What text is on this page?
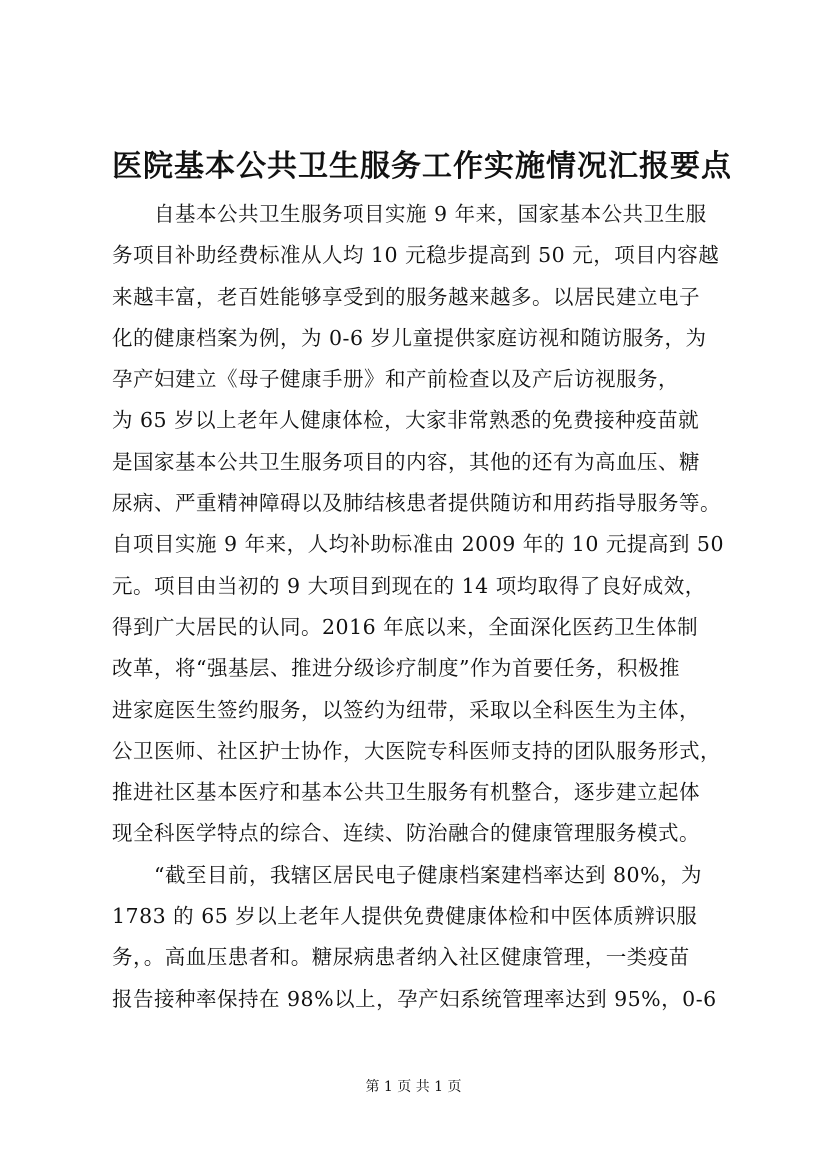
医院基本公共卫生服务工作实施情况汇报要点
自基本公共卫生服务项目实施 9 年来，国家基本公共卫生服
务项目补助经费标准从人均 10 元稳步提高到 50 元，项目内容越
来越丰富，老百姓能够享受到的服务越来越多。以居民建立电子
化的健康档案为例，为 0-6 岁儿童提供家庭访视和随访服务，为
孕产妇建立《母子健康手册》和产前检查以及产后访视服务，
为 65 岁以上老年人健康体检，大家非常熟悉的免费接种疫苗就
是国家基本公共卫生服务项目的内容，其他的还有为高血压、糖
尿病、严重精神障碍以及肺结核患者提供随访和用药指导服务等。
自项目实施 9 年来，人均补助标准由 2009 年的 10 元提高到 50
元。项目由当初的 9 大项目到现在的 14 项均取得了良好成效，
得到广大居民的认同。2016 年底以来，全面深化医药卫生体制
改革，将“强基层、推进分级诊疗制度”作为首要任务，积极推
进家庭医生签约服务，以签约为纽带，采取以全科医生为主体，
公卫医师、社区护士协作，大医院专科医师支持的团队服务形式，
推进社区基本医疗和基本公共卫生服务有机整合，逐步建立起体
现全科医学特点的综合、连续、防治融合的健康管理服务模式。
“截至目前，我辖区居民电子健康档案建档率达到 80%，为
1783 的 65 岁以上老年人提供免费健康体检和中医体质辨识服
务，。高血压患者和。糖尿病患者纳入社区健康管理，一类疫苗
报告接种率保持在 98%以上，孕产妇系统管理率达到 95%，0-6
第 1 页 共 1 页
